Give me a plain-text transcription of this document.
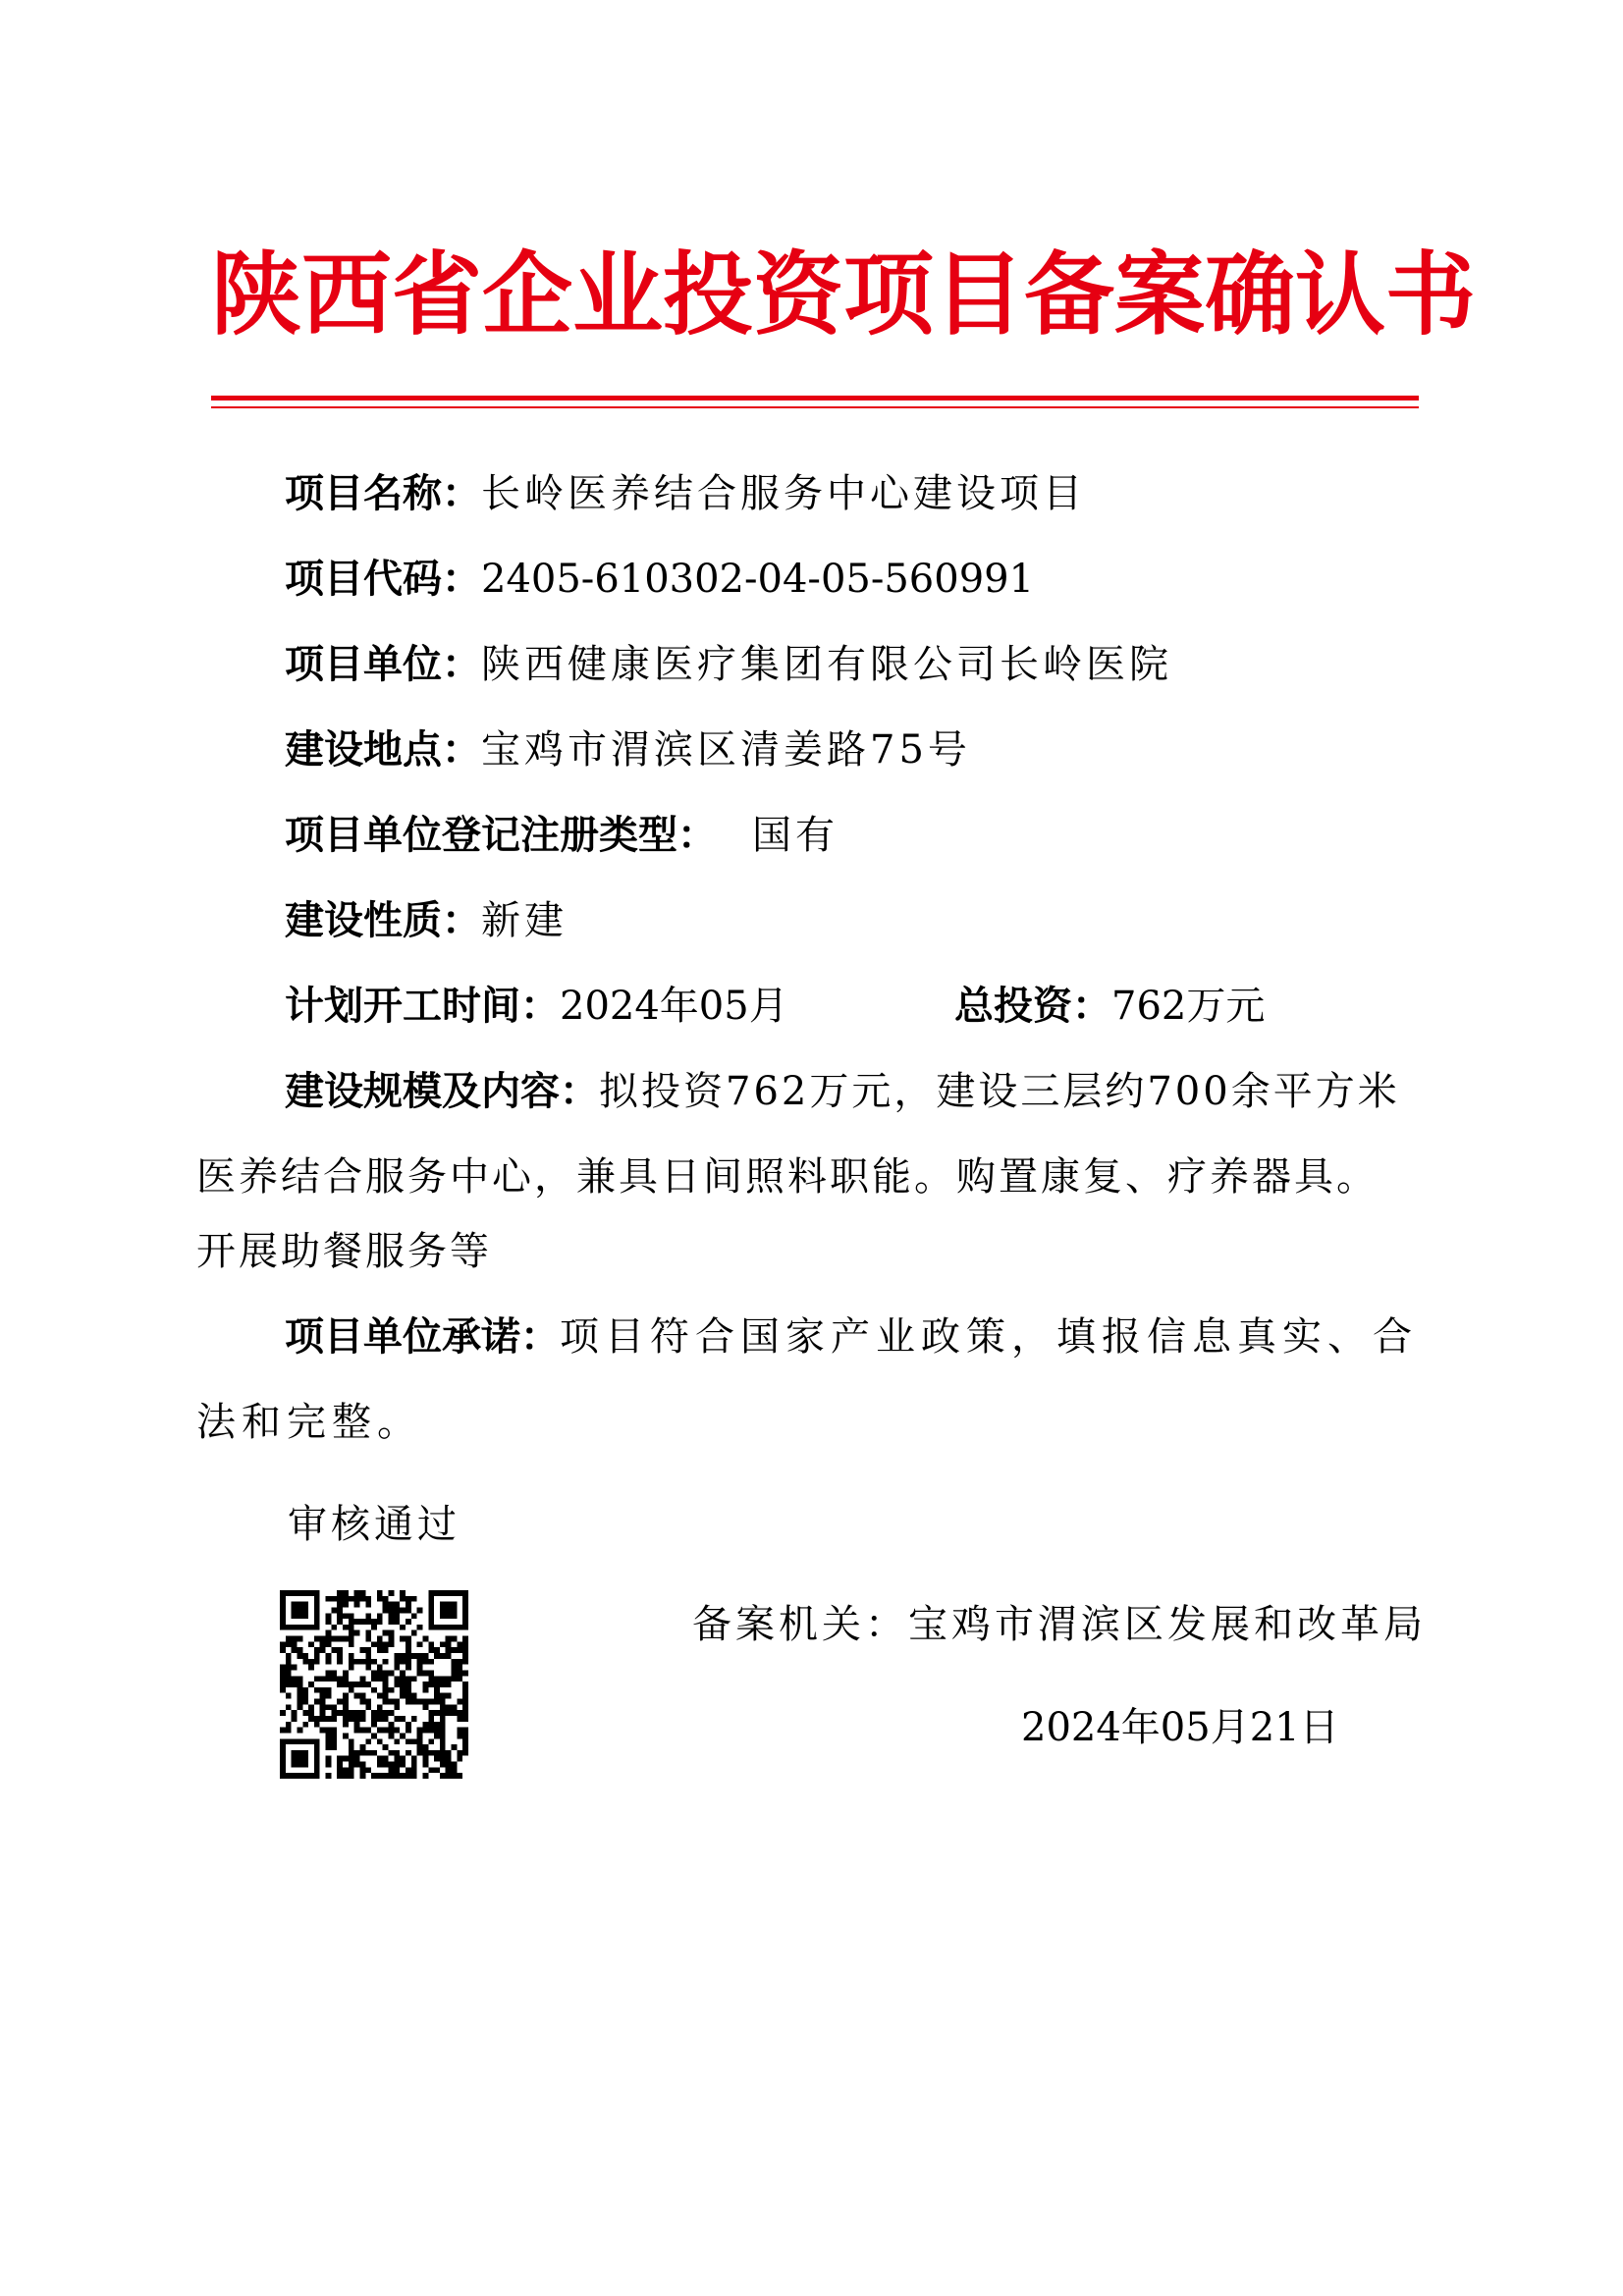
陕西省企业投资项目备案确认书
项目名称：长岭医养结合服务中心建设项目
项目代码：2405-610302-04-05-560991
项目单位：陕西健康医疗集团有限公司长岭医院
建设地点：宝鸡市渭滨区清姜路75号
项目单位登记注册类型： 国有
建设性质：新建
计划开工时间：2024年05月	总投资：762万元
建设规模及内容：拟投资762万元，建设三层约700余平方米
医养结合服务中心，兼具日间照料职能。购置康复、疗养器具。
开展助餐服务等
项目单位承诺：项目符合国家产业政策，填报信息真实、合
法和完整。
审核通过
备案机关：宝鸡市渭滨区发展和改革局
2024年05月21日
